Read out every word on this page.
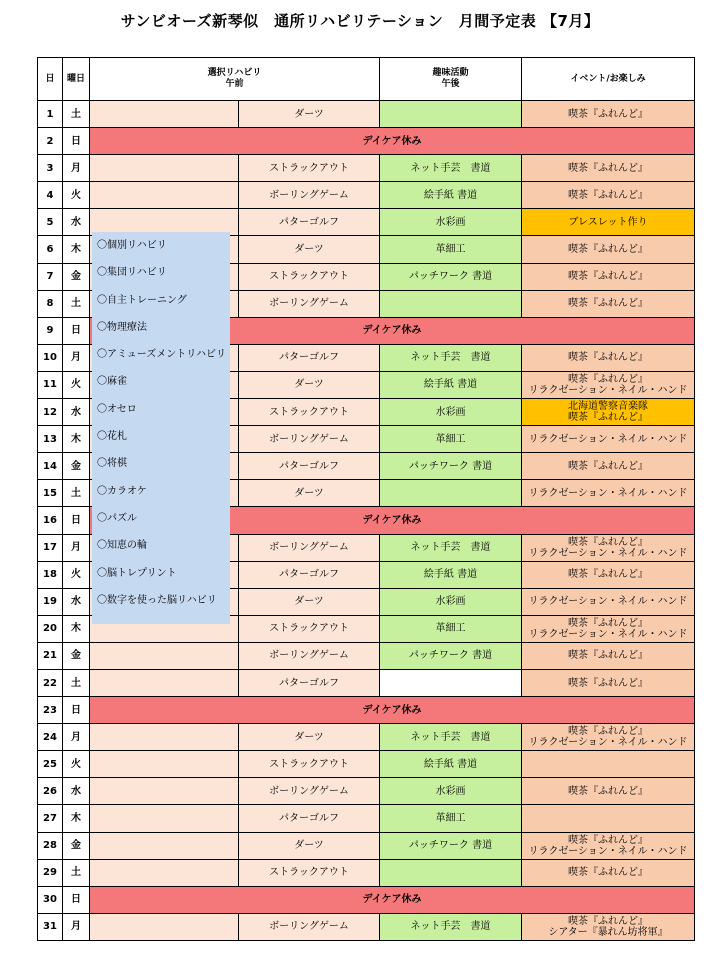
サンビオーズ新琴似　通所リハビリテーション　月間予定表 【7月】
日	曜日	選択リハビリ
午前		趣味活動
午後	イベント/お楽しみ
1	土		ダーツ		喫茶『ふれんど』
2	日	デイケア休み			
3	月		ストラックアウト	ネット手芸　書道	喫茶『ふれんど』
4	火		ボーリングゲーム	絵手紙 書道	喫茶『ふれんど』
5	水		パターゴルフ	水彩画	ブレスレット作り
6	木		ダーツ	革細工	喫茶『ふれんど』
7	金		ストラックアウト	パッチワーク 書道	喫茶『ふれんど』
8	土		ボーリングゲーム		喫茶『ふれんど』
9	日	デイケア休み			
10	月		パターゴルフ	ネット手芸　書道	喫茶『ふれんど』
11	火		ダーツ	絵手紙 書道	喫茶『ふれんど』
リラクゼーション・ネイル・ハンド
12	水		ストラックアウト	水彩画	北海道警察音楽隊
喫茶『ふれんど』
13	木		ボーリングゲーム	革細工	リラクゼーション・ネイル・ハンド
14	金		パターゴルフ	パッチワーク 書道	喫茶『ふれんど』
15	土		ダーツ		リラクゼーション・ネイル・ハンド
16	日	デイケア休み			
17	月		ボーリングゲーム	ネット手芸　書道	喫茶『ふれんど』
リラクゼーション・ネイル・ハンド
18	火		パターゴルフ	絵手紙 書道	喫茶『ふれんど』
19	水		ダーツ	水彩画	リラクゼーション・ネイル・ハンド
20	木		ストラックアウト	革細工	喫茶『ふれんど』
リラクゼーション・ネイル・ハンド
21	金		ボーリングゲーム	パッチワーク 書道	喫茶『ふれんど』
22	土		パターゴルフ		喫茶『ふれんど』
23	日	デイケア休み			
24	月		ダーツ	ネット手芸　書道	喫茶『ふれんど』
リラクゼーション・ネイル・ハンド
25	火		ストラックアウト	絵手紙 書道	
26	水		ボーリングゲーム	水彩画	喫茶『ふれんど』
27	木		パターゴルフ	革細工	
28	金		ダーツ	パッチワーク 書道	喫茶『ふれんど』
リラクゼーション・ネイル・ハンド
29	土		ストラックアウト		喫茶『ふれんど』
30	日	デイケア休み			
31	月		ボーリングゲーム	ネット手芸　書道	喫茶『ふれんど』
シアター『暴れん坊将軍』
〇個別リハビリ
〇集団リハビリ
〇自主トレーニング
〇物理療法
〇アミューズメントリハビリ
〇麻雀
〇オセロ
〇花札
〇将棋
〇カラオケ
〇パズル
〇知恵の輪
〇脳トレプリント
〇数字を使った脳リハビリ
